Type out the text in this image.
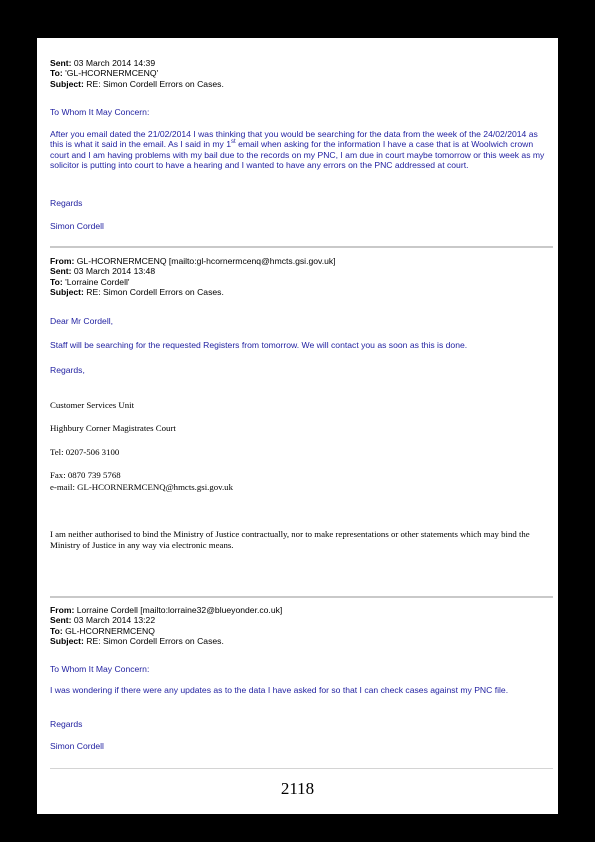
Sent: 03 March 2014 14:39

To: 'GL-HCORNERMCENQ'

Subject: RE: Simon Cordell Errors on Cases.

To Whom It May Concern:
After you email dated the 21/02/2014 I was thinking that you would be searching for the data from the week of the 24/02/2014 as this is what it said in the email. As I said in my 1st email when asking for the information I have a case that is at Woolwich crown court and I am having problems with my bail due to the records on my PNC, I am due in court maybe tomorrow or this week as my solicitor is putting into court to have a hearing and I wanted to have any errors on the PNC addressed at court.
Regards
Simon Cordell

From: GL-HCORNERMCENQ [mailto:gl-hcornermcenq@hmcts.gsi.gov.uk]

Sent: 03 March 2014 13:48

To: 'Lorraine Cordell'

Subject: RE: Simon Cordell Errors on Cases.

Dear Mr Cordell,
Staff will be searching for the requested Registers from tomorrow. We will contact you as soon as this is done.
Regards,
Customer Services Unit
Highbury Corner Magistrates Court
Tel: 0207-506 3100
Fax: 0870 739 5768
e-mail: GL-HCORNERMCENQ@hmcts.gsi.gov.uk
I am neither authorised to bind the Ministry of Justice contractually, nor to make representations or other statements which may bind the Ministry of Justice in any way via electronic means.

From: Lorraine Cordell [mailto:lorraine32@blueyonder.co.uk]

Sent: 03 March 2014 13:22

To: GL-HCORNERMCENQ

Subject: RE: Simon Cordell Errors on Cases.

To Whom It May Concern:
I was wondering if there were any updates as to the data I have asked for so that I can check cases against my PNC file.
Regards
Simon Cordell
2118
